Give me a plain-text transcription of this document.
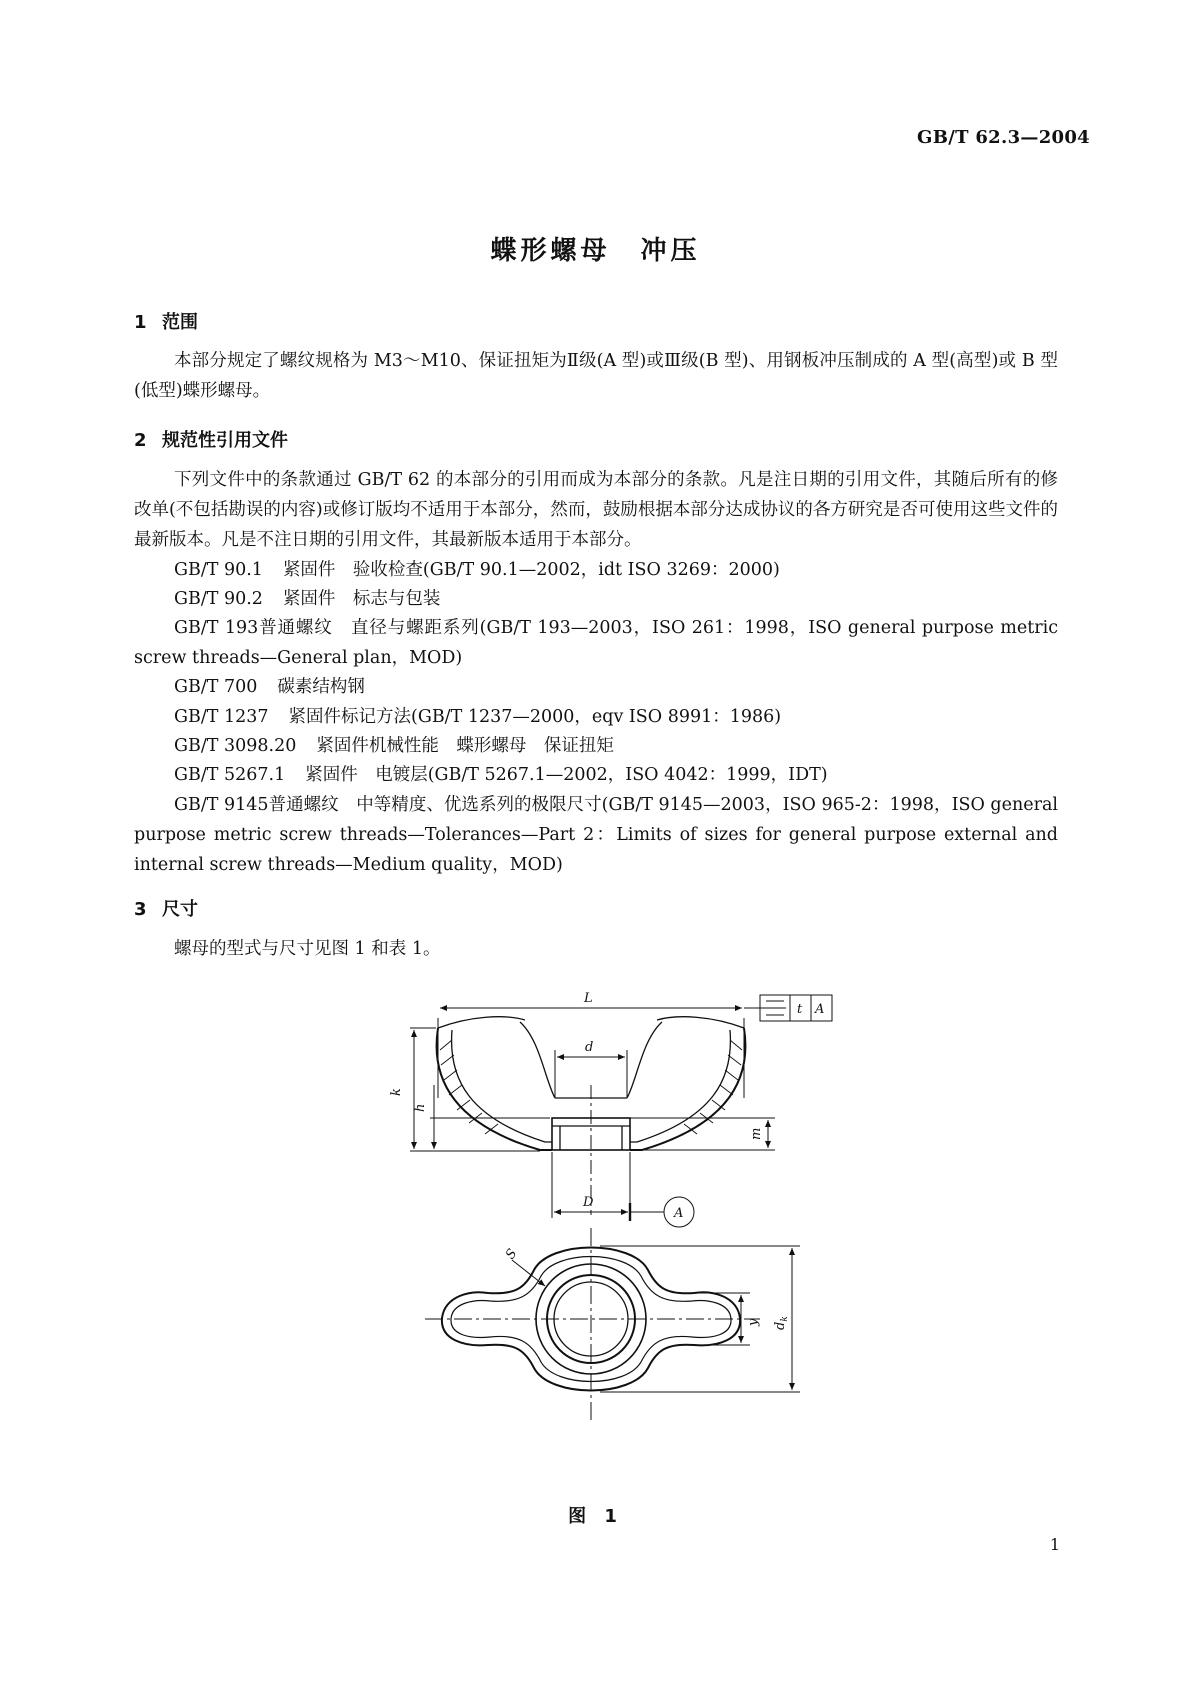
GB/T 62.3—2004
蝶形螺母　冲压
1 范围
本部分规定了螺纹规格为 M3～M10、保证扭矩为Ⅱ级(A 型)或Ⅲ级(B 型)、用钢板冲压制成的 A 型(高型)或 B 型(低型)蝶形螺母。
2 规范性引用文件
下列文件中的条款通过 GB/T 62 的本部分的引用而成为本部分的条款。凡是注日期的引用文件，其随后所有的修改单(不包括勘误的内容)或修订版均不适用于本部分，然而，鼓励根据本部分达成协议的各方研究是否可使用这些文件的最新版本。凡是不注日期的引用文件，其最新版本适用于本部分。
GB/T 90.1 紧固件　验收检查(GB/T 90.1—2002，idt ISO 3269：2000)
GB/T 90.2 紧固件　标志与包装
GB/T 193普通螺纹　直径与螺距系列(GB/T 193—2003，ISO 261：1998，ISO general purpose metric screw threads—General plan，MOD)
GB/T 700 碳素结构钢
GB/T 1237 紧固件标记方法(GB/T 1237—2000，eqv ISO 8991：1986)
GB/T 3098.20 紧固件机械性能　蝶形螺母　保证扭矩
GB/T 5267.1 紧固件　电镀层(GB/T 5267.1—2002，ISO 4042：1999，IDT)
GB/T 9145普通螺纹　中等精度、优选系列的极限尺寸(GB/T 9145—2003，ISO 965-2：1998，ISO general purpose metric screw threads—Tolerances—Part 2：Limits of sizes for general purpose external and internal screw threads—Medium quality，MOD)
3 尺寸
螺母的型式与尺寸见图 1 和表 1。
L
d
k
h
m
D
A
t A
S
y $d_k$
图 1
1
